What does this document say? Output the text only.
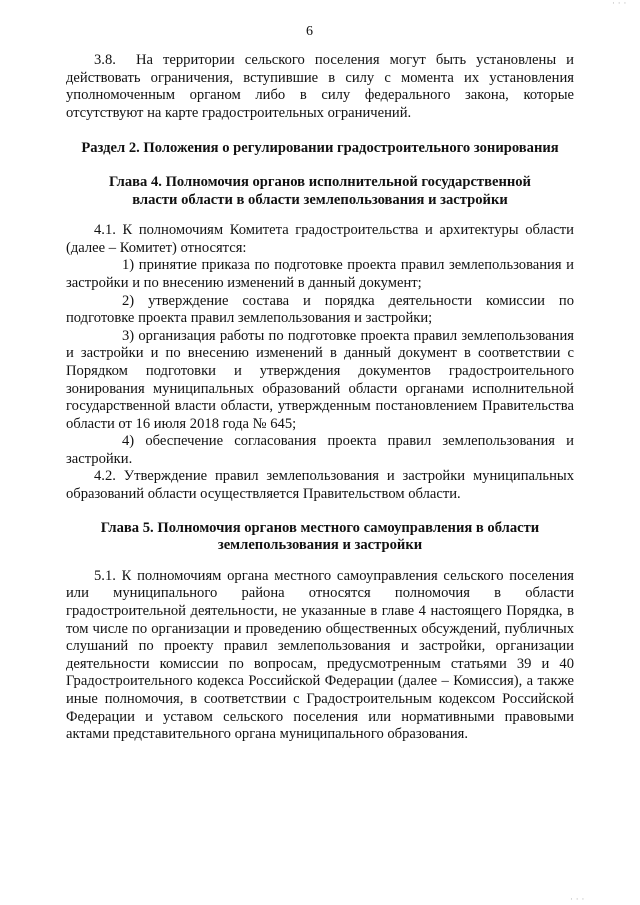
6

3.8.  На территории сельского поселения могут быть установлены и действовать ограничения, вступившие в силу с момента их установления уполномоченным органом либо в силу федерального закона, которые отсутствуют на карте градостроительных ограничений.

Раздел 2. Положения о регулировании градостроительного зонирования

Глава 4. Полномочия органов исполнительной государственной власти области в области землепользования и застройки

4.1. К полномочиям Комитета градостроительства и архитектуры области (далее – Комитет) относятся:

1) принятие приказа по подготовке проекта правил землепользования и застройки и по внесению изменений в данный документ;

2) утверждение состава и порядка деятельности комиссии по подготовке проекта правил землепользования и застройки;

3) организация работы по подготовке проекта правил землепользования и застройки и по внесению изменений в данный документ в соответствии с Порядком подготовки и утверждения документов градостроительного зонирования муниципальных образований области органами исполнительной государственной власти области, утвержденным постановлением Правительства области от 16 июля 2018 года № 645;

4) обеспечение согласования проекта правил землепользования и застройки.

4.2. Утверждение правил землепользования и застройки муниципальных образований области осуществляется Правительством области.

Глава 5. Полномочия органов местного самоуправления в области землепользования и застройки

5.1. К полномочиям органа местного самоуправления сельского поселения или муниципального района относятся полномочия в области градостроительной деятельности, не указанные в главе 4 настоящего Порядка, в том числе по организации и проведению общественных обсуждений, публичных слушаний по проекту правил землепользования и застройки, организации деятельности комиссии по вопросам, предусмотренным статьями 39 и 40 Градостроительного кодекса Российской Федерации (далее – Комиссия), а также иные полномочия, в соответствии с Градостроительным кодексом Российской Федерации и уставом сельского поселения или нормативными правовыми актами представительного органа муниципального образования.

· · ·
· · ·
